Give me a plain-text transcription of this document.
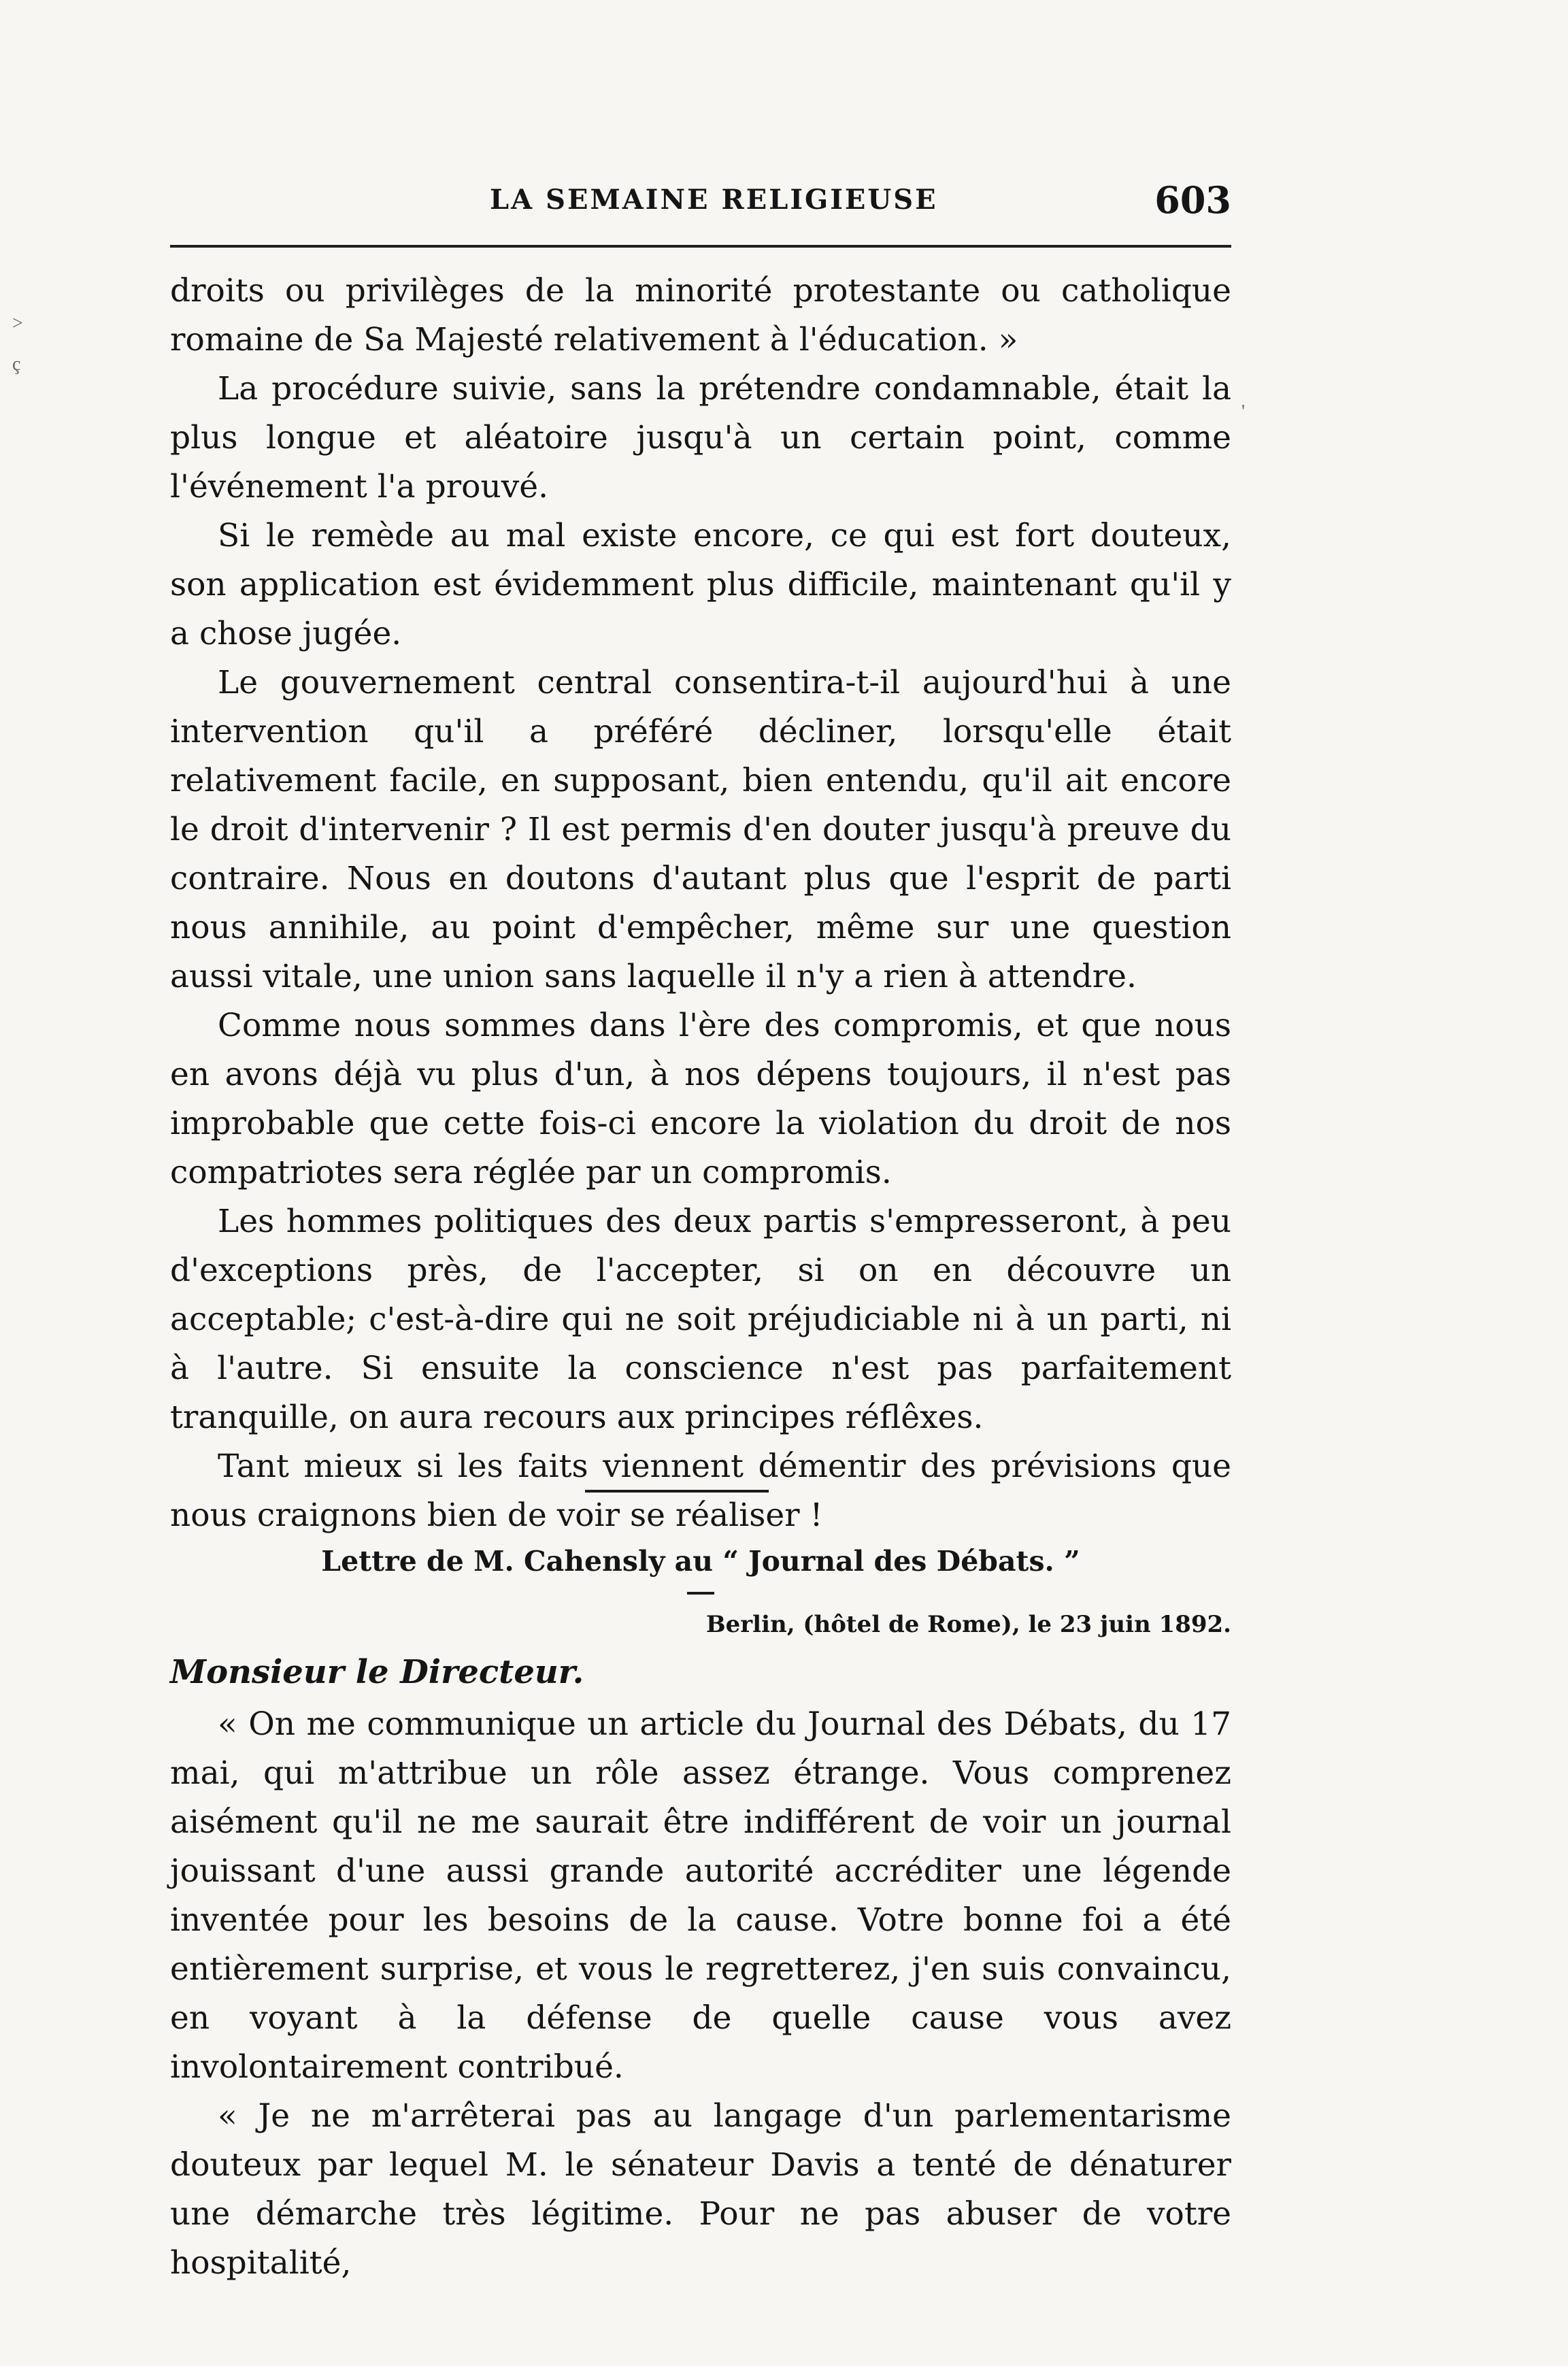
LA SEMAINE RELIGIEUSE	603
>
ç
'

droits ou privilèges de la minorité protestante ou catholique romaine de Sa Majesté relativement à l'éducation. »

La procédure suivie, sans la prétendre condamnable, était la plus longue et aléatoire jusqu'à un certain point, comme l'événement l'a prouvé.

Si le remède au mal existe encore, ce qui est fort douteux, son application est évidemment plus difficile, maintenant qu'il y a chose jugée.

Le gouvernement central consentira-t-il aujourd'hui à une intervention qu'il a préféré décliner, lorsqu'elle était relativement facile, en supposant, bien entendu, qu'il ait encore le droit d'intervenir ? Il est permis d'en douter jusqu'à preuve du contraire. Nous en doutons d'autant plus que l'esprit de parti nous annihile, au point d'empêcher, même sur une question aussi vitale, une union sans laquelle il n'y a rien à attendre.

Comme nous sommes dans l'ère des compromis, et que nous en avons déjà vu plus d'un, à nos dépens toujours, il n'est pas improbable que cette fois-ci encore la violation du droit de nos compatriotes sera réglée par un compromis.

Les hommes politiques des deux partis s'empresseront, à peu d'exceptions près, de l'accepter, si on en découvre un acceptable; c'est-à-dire qui ne soit préjudiciable ni à un parti, ni à l'autre. Si ensuite la conscience n'est pas parfaitement tranquille, on aura recours aux principes réflêxes.

Tant mieux si les faits viennent démentir des prévisions que nous craignons bien de voir se réaliser !

Lettre de M. Cahensly au “ Journal des Débats. ”
Berlin, (hôtel de Rome), le 23 juin 1892.
Monsieur le Directeur.

« On me communique un article du Journal des Débats, du 17 mai, qui m'attribue un rôle assez étrange. Vous comprenez aisément qu'il ne me saurait être indifférent de voir un journal jouissant d'une aussi grande autorité accréditer une légende inventée pour les besoins de la cause. Votre bonne foi a été entièrement surprise, et vous le regretterez, j'en suis convaincu, en voyant à la défense de quelle cause vous avez involontairement contribué.

« Je ne m'arrêterai pas au langage d'un parlementarisme douteux par lequel M. le sénateur Davis a tenté de dénaturer une démarche très légitime. Pour ne pas abuser de votre hospitalité,
